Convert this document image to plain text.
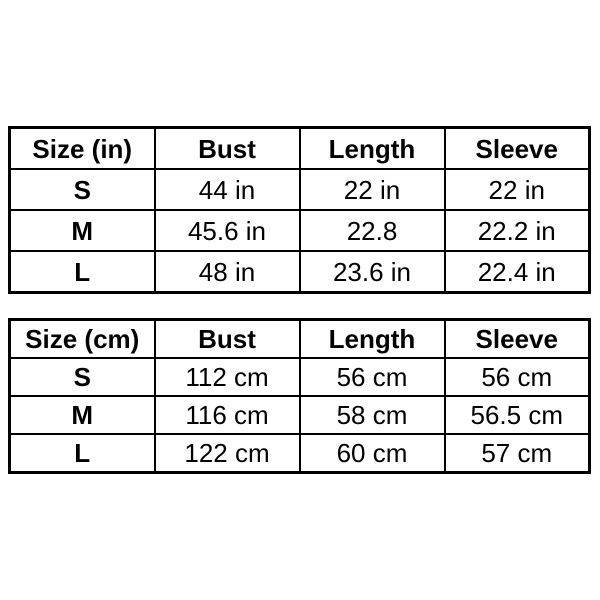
Size (in)	Bust	Length	Sleeve
S	44 in	22 in	22 in
M	45.6 in	22.8	22.2 in
L	48 in	23.6 in	22.4 in
Size (cm)	Bust	Length	Sleeve
S	112 cm	56 cm	56 cm
M	116 cm	58 cm	56.5 cm
L	122 cm	60 cm	57 cm
